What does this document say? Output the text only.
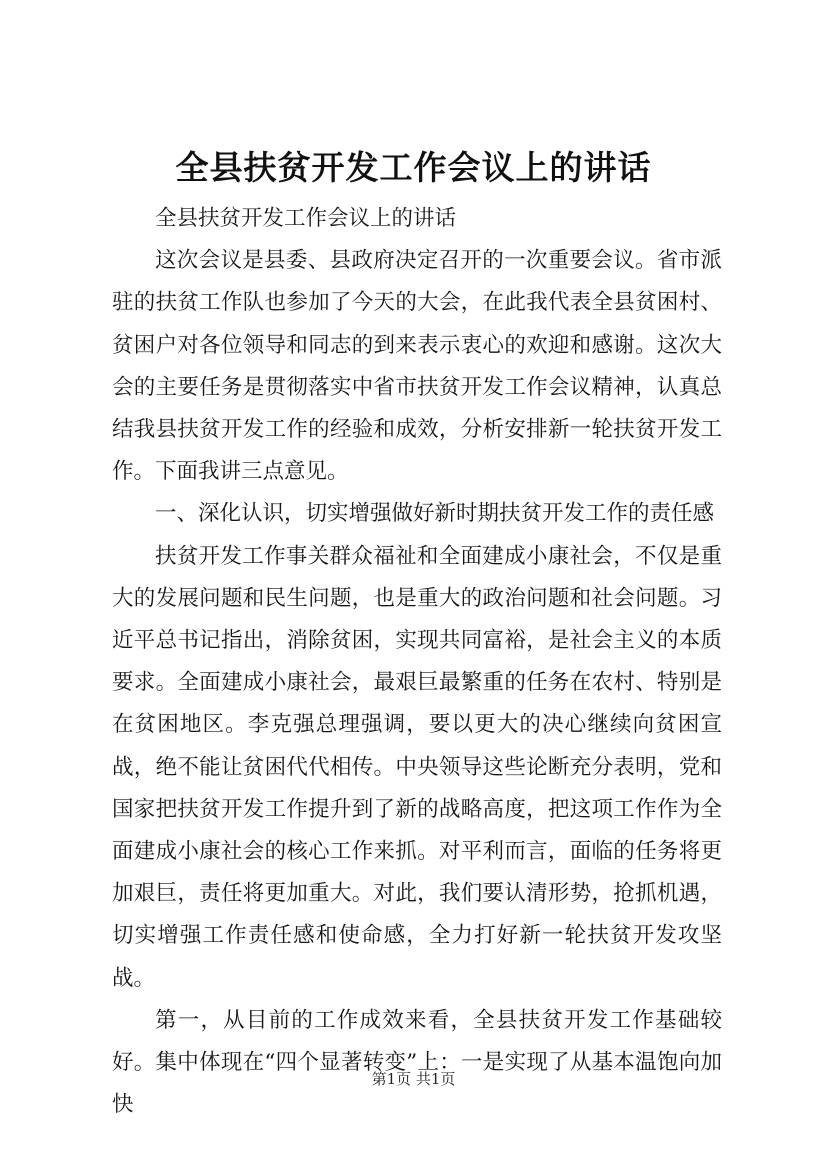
全县扶贫开发工作会议上的讲话

全县扶贫开发工作会议上的讲话

这次会议是县委、县政府决定召开的一次重要会议。省市派驻的扶贫工作队也参加了今天的大会，在此我代表全县贫困村、贫困户对各位领导和同志的到来表示衷心的欢迎和感谢。这次大会的主要任务是贯彻落实中省市扶贫开发工作会议精神，认真总结我县扶贫开发工作的经验和成效，分析安排新一轮扶贫开发工作。下面我讲三点意见。

一、深化认识，切实增强做好新时期扶贫开发工作的责任感

扶贫开发工作事关群众福祉和全面建成小康社会，不仅是重大的发展问题和民生问题，也是重大的政治问题和社会问题。习近平总书记指出，消除贫困，实现共同富裕，是社会主义的本质要求。全面建成小康社会，最艰巨最繁重的任务在农村、特别是在贫困地区。李克强总理强调，要以更大的决心继续向贫困宣战，绝不能让贫困代代相传。中央领导这些论断充分表明，党和国家把扶贫开发工作提升到了新的战略高度，把这项工作作为全面建成小康社会的核心工作来抓。对平利而言，面临的任务将更加艰巨，责任将更加重大。对此，我们要认清形势，抢抓机遇，切实增强工作责任感和使命感，全力打好新一轮扶贫开发攻坚战。

第一，从目前的工作成效来看，全县扶贫开发工作基础较好。集中体现在“四个显著转变”上：一是实现了从基本温饱向加快

第1页 共1页
